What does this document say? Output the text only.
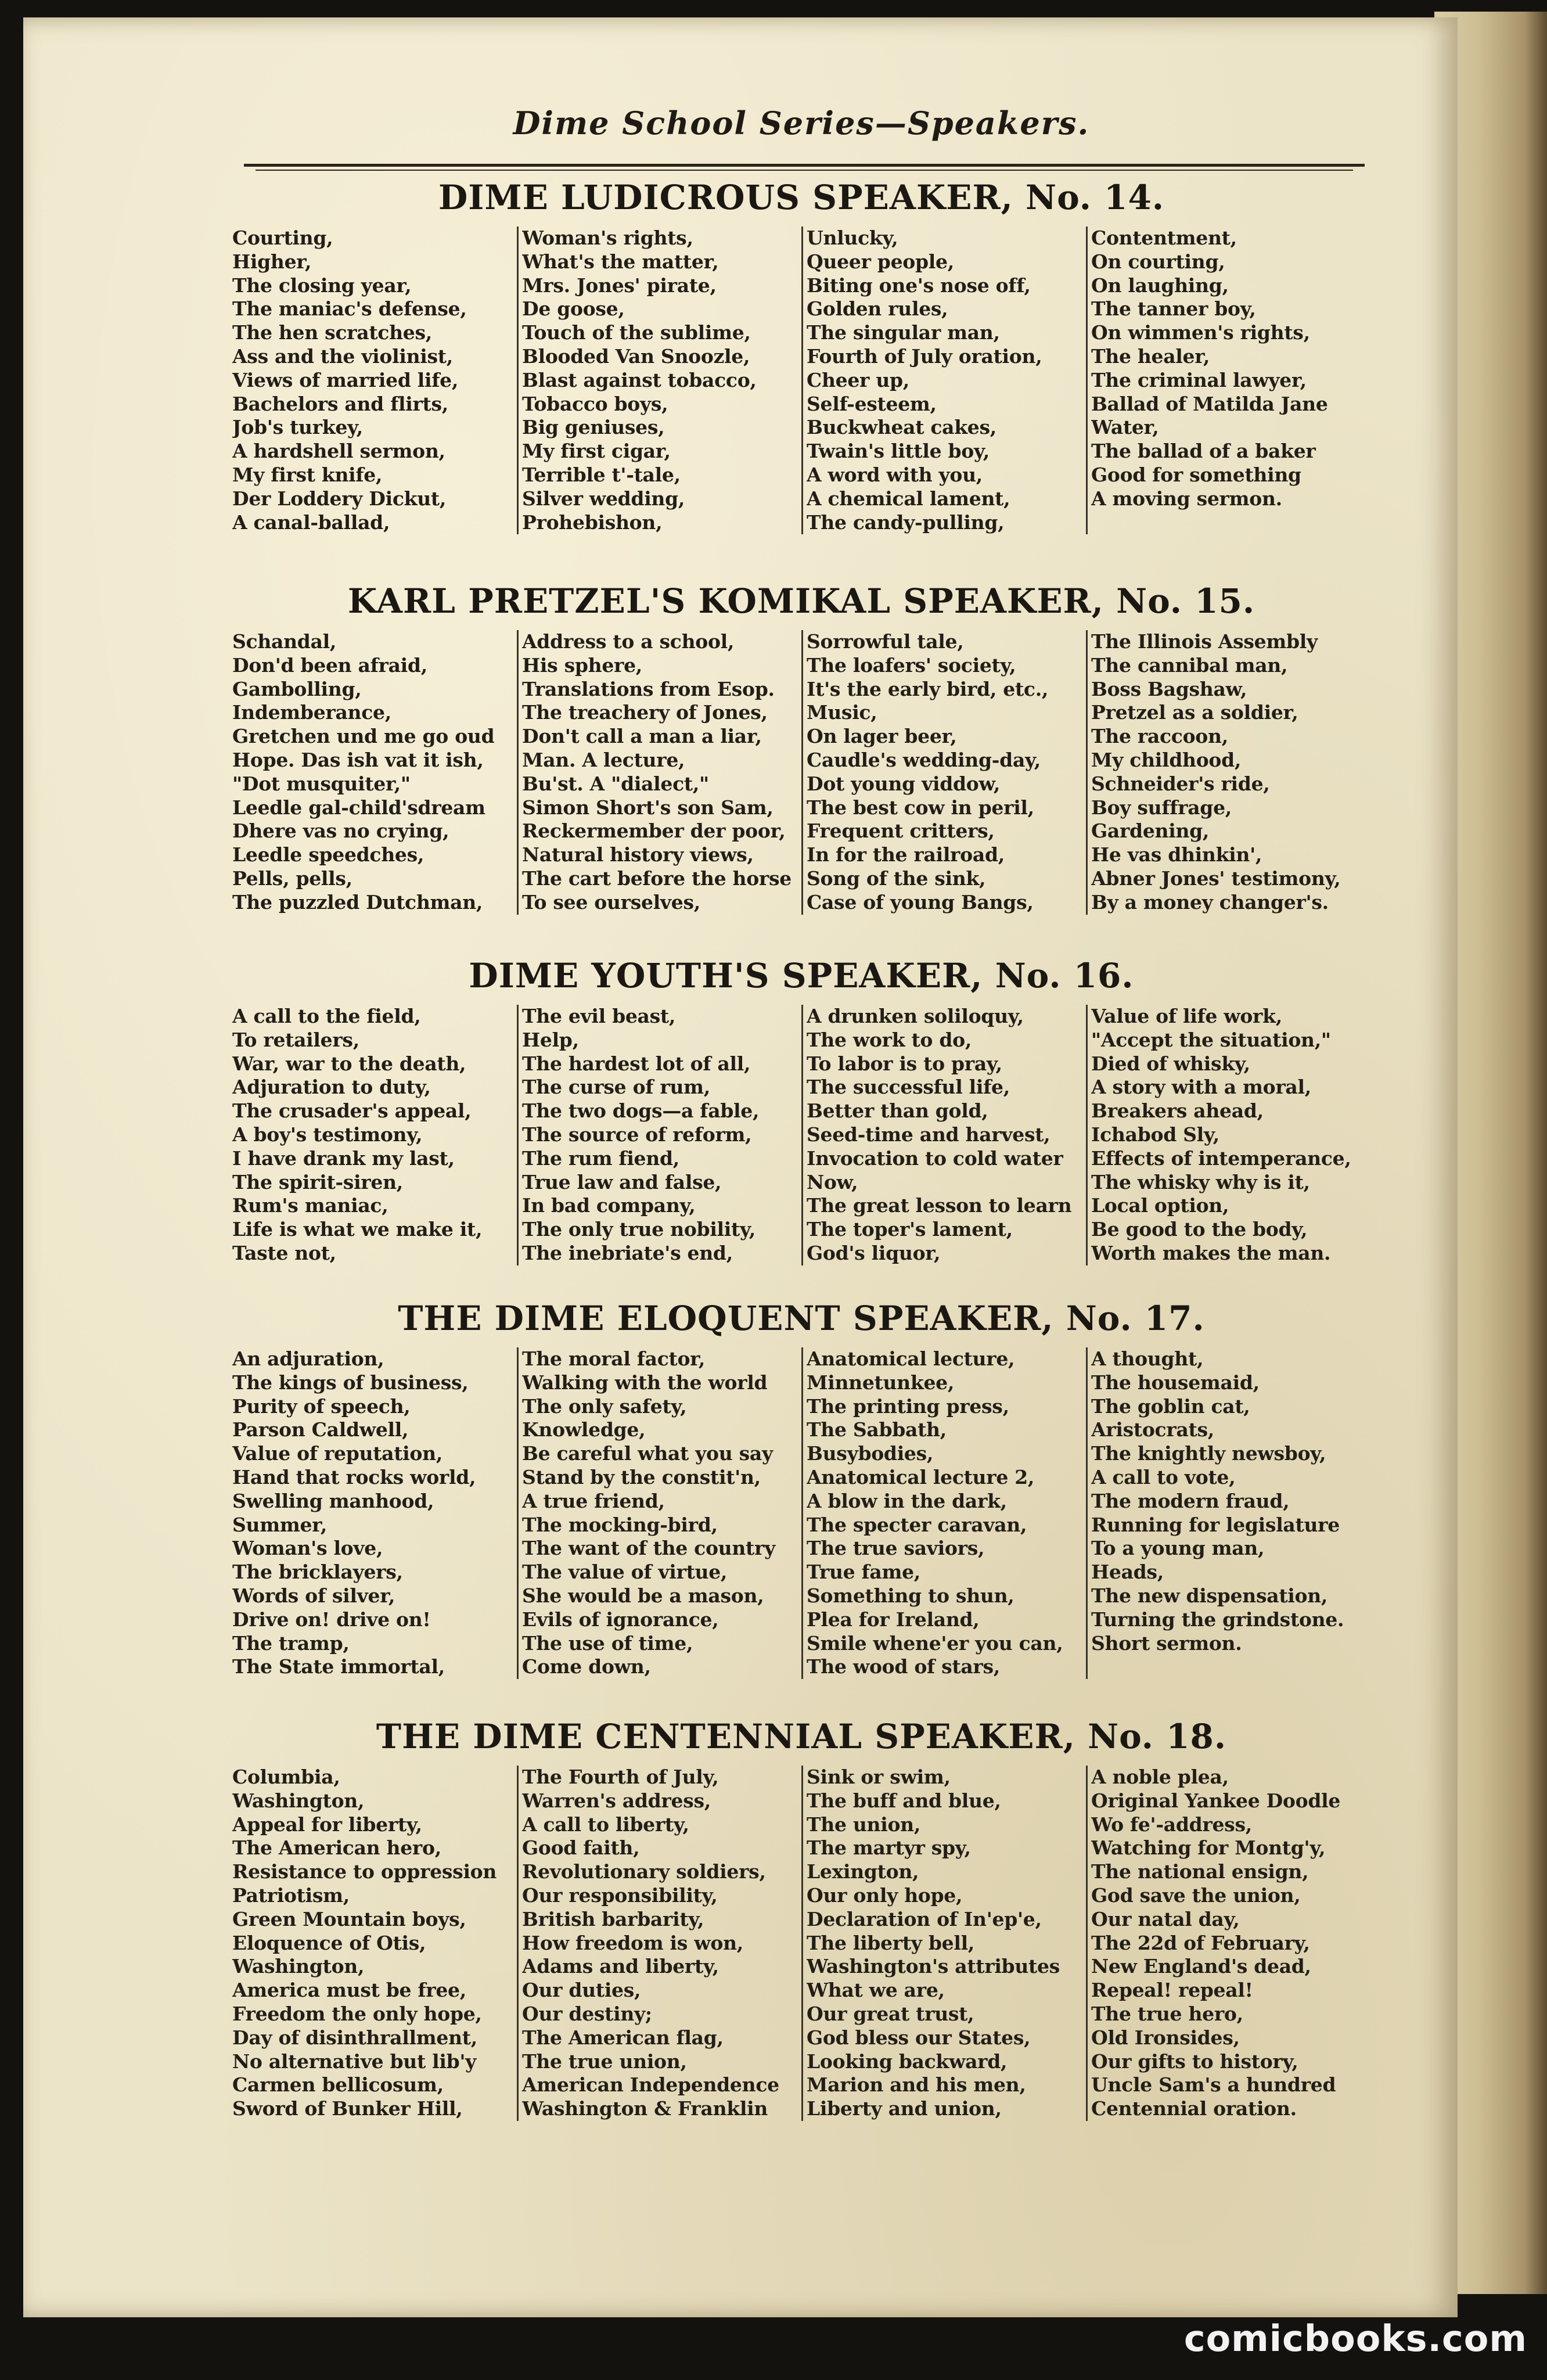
Dime School Series—Speakers.
DIME LUDICROUS SPEAKER, No. 14.
Courting,
Higher,
The closing year,
The maniac's defense,
The hen scratches,
Ass and the violinist,
Views of married life,
Bachelors and flirts,
Job's turkey,
A hardshell sermon,
My first knife,
Der Loddery Dickut,
A canal-ballad,
Woman's rights,
What's the matter,
Mrs. Jones' pirate,
De goose,
Touch of the sublime,
Blooded Van Snoozle,
Blast against tobacco,
Tobacco boys,
Big geniuses,
My first cigar,
Terrible t'-tale,
Silver wedding,
Prohebishon,
Unlucky,
Queer people,
Biting one's nose off,
Golden rules,
The singular man,
Fourth of July oration,
Cheer up,
Self-esteem,
Buckwheat cakes,
Twain's little boy,
A word with you,
A chemical lament,
The candy-pulling,
Contentment,
On courting,
On laughing,
The tanner boy,
On wimmen's rights,
The healer,
The criminal lawyer,
Ballad of Matilda Jane
Water,
The ballad of a baker
Good for something
A moving sermon.
KARL PRETZEL'S KOMIKAL SPEAKER, No. 15.
Schandal,
Don'd been afraid,
Gambolling,
Indemberance,
Gretchen und me go oud
Hope. Das ish vat it ish,
"Dot musquiter,"
Leedle gal-child'sdream
Dhere vas no crying,
Leedle speedches,
Pells, pells,
The puzzled Dutchman,
Address to a school,
His sphere,
Translations from Esop.
The treachery of Jones,
Don't call a man a liar,
Man. A lecture,
Bu'st. A "dialect,"
Simon Short's son Sam,
Reckermember der poor,
Natural history views,
The cart before the horse
To see ourselves,
Sorrowful tale,
The loafers' society,
It's the early bird, etc.,
Music,
On lager beer,
Caudle's wedding-day,
Dot young viddow,
The best cow in peril,
Frequent critters,
In for the railroad,
Song of the sink,
Case of young Bangs,
The Illinois Assembly
The cannibal man,
Boss Bagshaw,
Pretzel as a soldier,
The raccoon,
My childhood,
Schneider's ride,
Boy suffrage,
Gardening,
He vas dhinkin',
Abner Jones' testimony,
By a money changer's.
DIME YOUTH'S SPEAKER, No. 16.
A call to the field,
To retailers,
War, war to the death,
Adjuration to duty,
The crusader's appeal,
A boy's testimony,
I have drank my last,
The spirit-siren,
Rum's maniac,
Life is what we make it,
Taste not,
The evil beast,
Help,
The hardest lot of all,
The curse of rum,
The two dogs—a fable,
The source of reform,
The rum fiend,
True law and false,
In bad company,
The only true nobility,
The inebriate's end,
A drunken soliloquy,
The work to do,
To labor is to pray,
The successful life,
Better than gold,
Seed-time and harvest,
Invocation to cold water
Now,
The great lesson to learn
The toper's lament,
God's liquor,
Value of life work,
"Accept the situation,"
Died of whisky,
A story with a moral,
Breakers ahead,
Ichabod Sly,
Effects of intemperance,
The whisky why is it,
Local option,
Be good to the body,
Worth makes the man.
THE DIME ELOQUENT SPEAKER, No. 17.
An adjuration,
The kings of business,
Purity of speech,
Parson Caldwell,
Value of reputation,
Hand that rocks world,
Swelling manhood,
Summer,
Woman's love,
The bricklayers,
Words of silver,
Drive on! drive on!
The tramp,
The State immortal,
The moral factor,
Walking with the world
The only safety,
Knowledge,
Be careful what you say
Stand by the constit'n,
A true friend,
The mocking-bird,
The want of the country
The value of virtue,
She would be a mason,
Evils of ignorance,
The use of time,
Come down,
Anatomical lecture,
Minnetunkee,
The printing press,
The Sabbath,
Busybodies,
Anatomical lecture 2,
A blow in the dark,
The specter caravan,
The true saviors,
True fame,
Something to shun,
Plea for Ireland,
Smile whene'er you can,
The wood of stars,
A thought,
The housemaid,
The goblin cat,
Aristocrats,
The knightly newsboy,
A call to vote,
The modern fraud,
Running for legislature
To a young man,
Heads,
The new dispensation,
Turning the grindstone.
Short sermon.
THE DIME CENTENNIAL SPEAKER, No. 18.
Columbia,
Washington,
Appeal for liberty,
The American hero,
Resistance to oppression
Patriotism,
Green Mountain boys,
Eloquence of Otis,
Washington,
America must be free,
Freedom the only hope,
Day of disinthrallment,
No alternative but lib'y
Carmen bellicosum,
Sword of Bunker Hill,
The Fourth of July,
Warren's address,
A call to liberty,
Good faith,
Revolutionary soldiers,
Our responsibility,
British barbarity,
How freedom is won,
Adams and liberty,
Our duties,
Our destiny;
The American flag,
The true union,
American Independence
Washington & Franklin
Sink or swim,
The buff and blue,
The union,
The martyr spy,
Lexington,
Our only hope,
Declaration of In'ep'e,
The liberty bell,
Washington's attributes
What we are,
Our great trust,
God bless our States,
Looking backward,
Marion and his men,
Liberty and union,
A noble plea,
Original Yankee Doodle
Wo fe'-address,
Watching for Montg'y,
The national ensign,
God save the union,
Our natal day,
The 22d of February,
New England's dead,
Repeal! repeal!
The true hero,
Old Ironsides,
Our gifts to history,
Uncle Sam's a hundred
Centennial oration.
comicbooks.com
